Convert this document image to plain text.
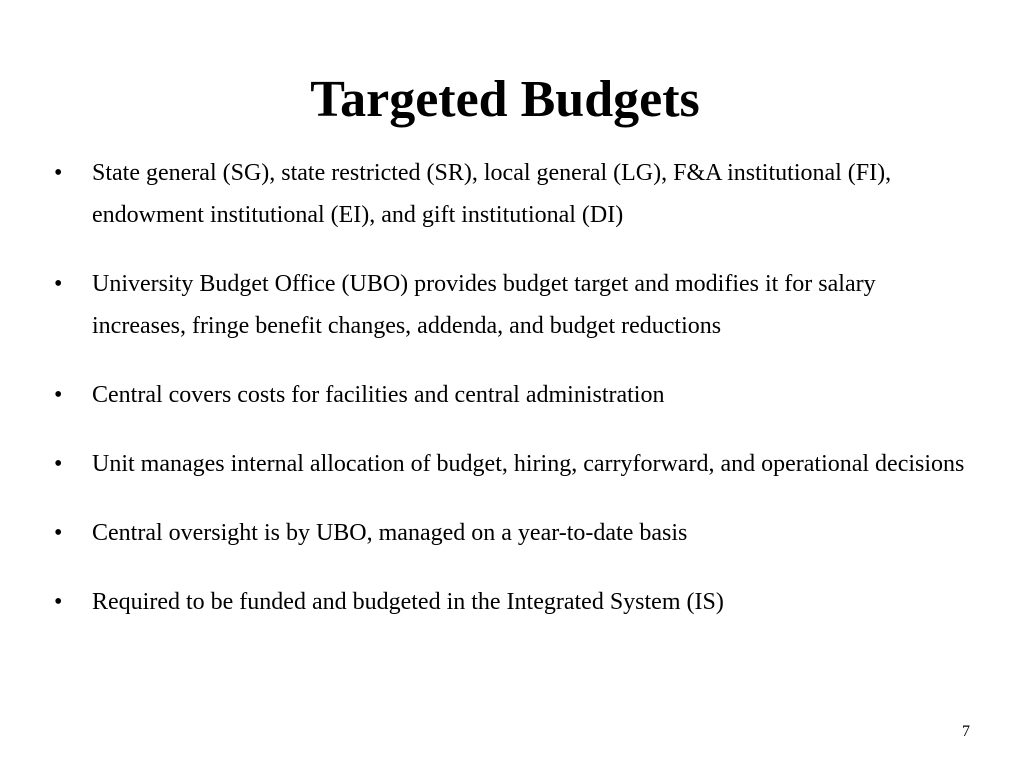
Targeted Budgets
•	State general (SG), state restricted (SR), local general (LG), F&A institutional (FI), endowment institutional (EI), and gift institutional (DI)
•	University Budget Office (UBO) provides budget target and modifies it for salary increases, fringe benefit changes, addenda, and budget reductions
•	Central covers costs for facilities and central administration
•	Unit manages internal allocation of budget, hiring, carryforward, and operational decisions
•	Central oversight is by UBO, managed on a year-to-date basis
•	Required to be funded and budgeted in the Integrated System (IS)
7
